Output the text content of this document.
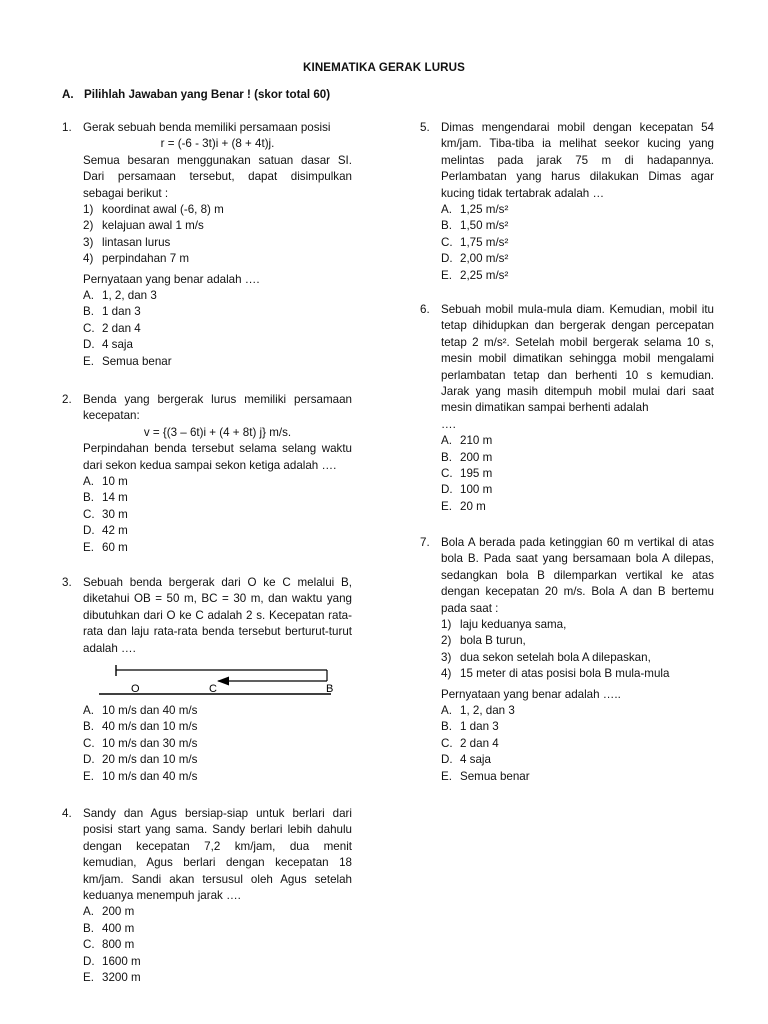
KINEMATIKA GERAK LURUS
A. Pilihlah Jawaban yang Benar ! (skor total 60)
1. Gerak sebuah benda memiliki persamaan posisi
r = (-6 - 3t)i + (8 + 4t)j.
Semua besaran menggunakan satuan dasar SI. Dari persamaan tersebut, dapat disimpulkan sebagai berikut :
1) koordinat awal (-6, 8) m
2) kelajuan awal 1 m/s
3) lintasan lurus
4) perpindahan 7 m
Pernyataan yang benar adalah ….
A. 1, 2, dan 3
B. 1 dan 3
C. 2 dan 4
D. 4 saja
E. Semua benar
2. Benda yang bergerak lurus memiliki persamaan kecepatan:
v = {(3 – 6t)i + (4 + 8t) j} m/s.
Perpindahan benda tersebut selama selang waktu dari sekon kedua sampai sekon ketiga adalah ….
A. 10 m
B. 14 m
C. 30 m
D. 42 m
E. 60 m
3. Sebuah benda bergerak dari O ke C melalui B, diketahui OB = 50 m, BC = 30 m, dan waktu yang dibutuhkan dari O ke C adalah 2 s. Kecepatan rata-rata dan laju rata-rata benda tersebut berturut-turut adalah ….
O	C	B
A. 10 m/s dan 40 m/s
B. 40 m/s dan 10 m/s
C. 10 m/s dan 30 m/s
D. 20 m/s dan 10 m/s
E. 10 m/s dan 40 m/s
4. Sandy dan Agus bersiap-siap untuk berlari dari posisi start yang sama. Sandy berlari lebih dahulu dengan kecepatan 7,2 km/jam, dua menit kemudian, Agus berlari dengan kecepatan 18 km/jam. Sandi akan tersusul oleh Agus setelah keduanya menempuh jarak ….
A. 200 m
B. 400 m
C. 800 m
D. 1600 m
E. 3200 m
5. Dimas mengendarai mobil dengan kecepatan 54 km/jam. Tiba-tiba ia melihat seekor kucing yang melintas pada jarak 75 m di hadapannya. Perlambatan yang harus dilakukan Dimas agar kucing tidak tertabrak adalah …
A. 1,25 m/s²
B. 1,50 m/s²
C. 1,75 m/s²
D. 2,00 m/s²
E. 2,25 m/s²
6. Sebuah mobil mula-mula diam. Kemudian, mobil itu tetap dihidupkan dan bergerak dengan percepatan tetap 2 m/s². Setelah mobil bergerak selama 10 s, mesin mobil dimatikan sehingga mobil mengalami perlambatan tetap dan berhenti 10 s kemudian. Jarak yang masih ditempuh mobil mulai dari saat mesin dimatikan sampai berhenti adalah
….
A. 210 m
B. 200 m
C. 195 m
D. 100 m
E. 20 m
7. Bola A berada pada ketinggian 60 m vertikal di atas bola B. Pada saat yang bersamaan bola A dilepas, sedangkan bola B dilemparkan vertikal ke atas dengan kecepatan 20 m/s. Bola A dan B bertemu pada saat :
1) laju keduanya sama,
2) bola B turun,
3) dua sekon setelah bola A dilepaskan,
4) 15 meter di atas posisi bola B mula-mula
Pernyataan yang benar adalah …..
A. 1, 2, dan 3
B. 1 dan 3
C. 2 dan 4
D. 4 saja
E. Semua benar
